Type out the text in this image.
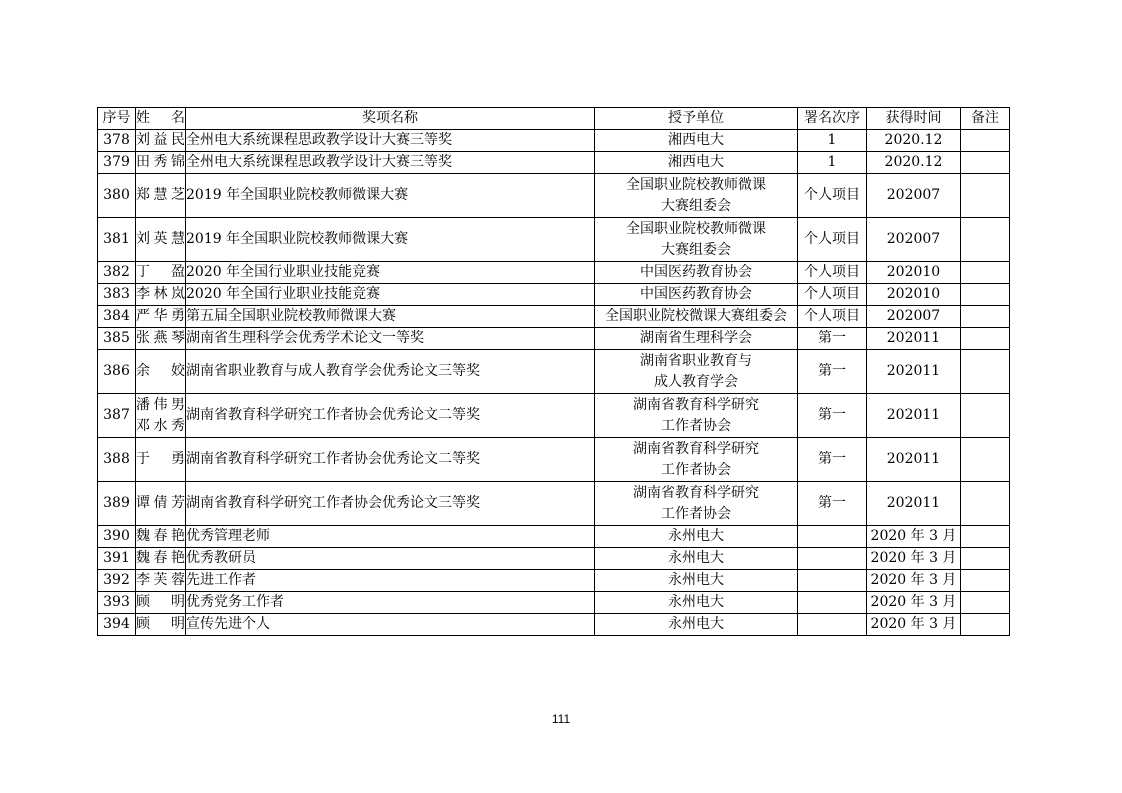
序号	姓 名	奖项名称	授予单位	署名次序	获得时间	备注
378	刘益民	全州电大系统课程思政教学设计大赛三等奖	湘西电大	1	2020.12	
379	田秀锦	全州电大系统课程思政教学设计大赛三等奖	湘西电大	1	2020.12	
380	郑慧芝	2019 年全国职业院校教师微课大赛	全国职业院校教师微课
大赛组委会	个人项目	202007	
381	刘英慧	2019 年全国职业院校教师微课大赛	全国职业院校教师微课
大赛组委会	个人项目	202007	
382	丁 盈	2020 年全国行业职业技能竞赛	中国医药教育协会	个人项目	202010	
383	李林岚	2020 年全国行业职业技能竞赛	中国医药教育协会	个人项目	202010	
384	严华勇	第五届全国职业院校教师微课大赛	全国职业院校微课大赛组委会	个人项目	202007	
385	张燕琴	湖南省生理科学会优秀学术论文一等奖	湖南省生理科学会	第一	202011	
386	余 姣	湖南省职业教育与成人教育学会优秀论文三等奖	湖南省职业教育与
成人教育学会	第一	202011	
387	潘伟男
邓水秀	湖南省教育科学研究工作者协会优秀论文二等奖	湖南省教育科学研究
工作者协会	第一	202011	
388	于 勇	湖南省教育科学研究工作者协会优秀论文二等奖	湖南省教育科学研究
工作者协会	第一	202011	
389	谭倩芳	湖南省教育科学研究工作者协会优秀论文三等奖	湖南省教育科学研究
工作者协会	第一	202011	
390	魏春艳	优秀管理老师	永州电大		2020 年 3 月	
391	魏春艳	优秀教研员	永州电大		2020 年 3 月	
392	李芙蓉	先进工作者	永州电大		2020 年 3 月	
393	顾 明	优秀党务工作者	永州电大		2020 年 3 月	
394	顾 明	宣传先进个人	永州电大		2020 年 3 月	
111
